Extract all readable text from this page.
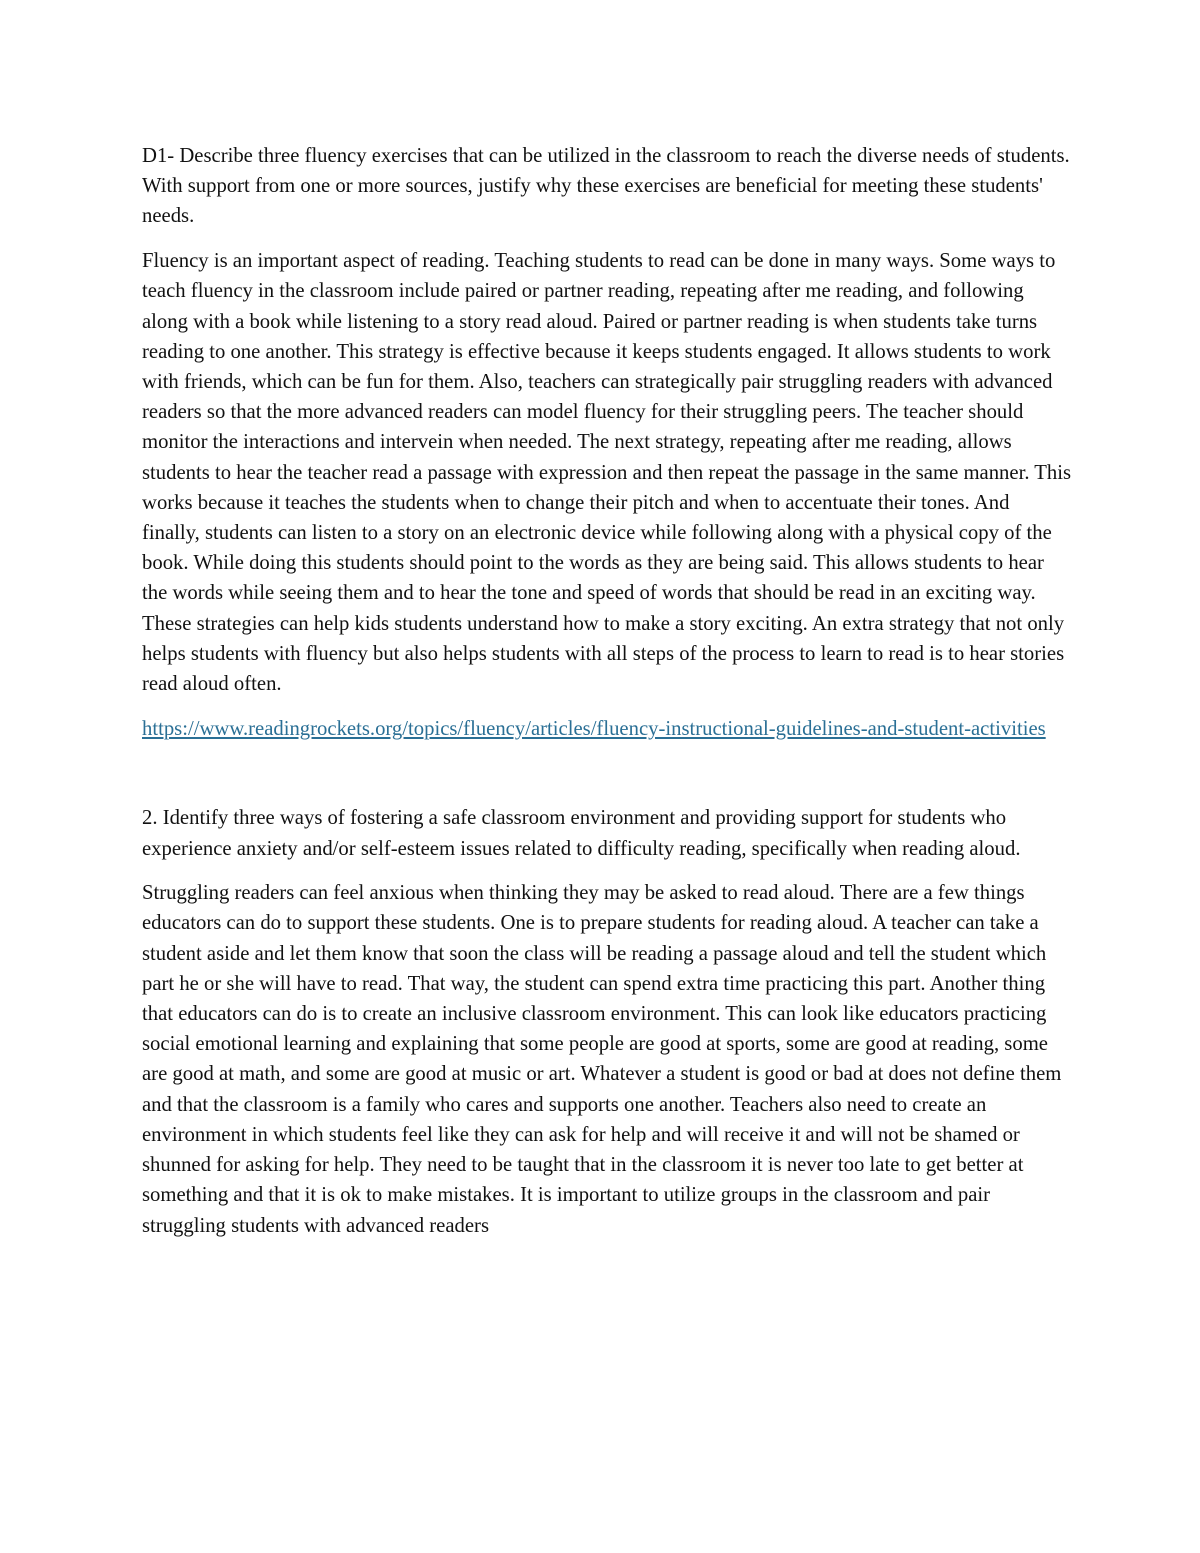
D1- Describe three fluency exercises that can be utilized in the classroom to reach the diverse needs of students. With support from one or more sources, justify why these exercises are beneficial for meeting these students' needs.

Fluency is an important aspect of reading. Teaching students to read can be done in many ways. Some ways to teach fluency in the classroom include paired or partner reading, repeating after me reading, and following along with a book while listening to a story read aloud. Paired or partner reading is when students take turns reading to one another. This strategy is effective because it keeps students engaged. It allows students to work with friends, which can be fun for them. Also, teachers can strategically pair struggling readers with advanced readers so that the more advanced readers can model fluency for their struggling peers. The teacher should monitor the interactions and intervein when needed. The next strategy, repeating after me reading, allows students to hear the teacher read a passage with expression and then repeat the passage in the same manner. This works because it teaches the students when to change their pitch and when to accentuate their tones. And finally, students can listen to a story on an electronic device while following along with a physical copy of the book. While doing this students should point to the words as they are being said. This allows students to hear the words while seeing them and to hear the tone and speed of words that should be read in an exciting way. These strategies can help kids students understand how to make a story exciting. An extra strategy that not only helps students with fluency but also helps students with all steps of the process to learn to read is to hear stories read aloud often.

https://www.readingrockets.org/topics/fluency/articles/fluency-instructional-guidelines-and-student-activities

2. Identify three ways of fostering a safe classroom environment and providing support for students who experience anxiety and/or self-esteem issues related to difficulty reading, specifically when reading aloud.

Struggling readers can feel anxious when thinking they may be asked to read aloud. There are a few things educators can do to support these students. One is to prepare students for reading aloud. A teacher can take a student aside and let them know that soon the class will be reading a passage aloud and tell the student which part he or she will have to read. That way, the student can spend extra time practicing this part. Another thing that educators can do is to create an inclusive classroom environment. This can look like educators practicing social emotional learning and explaining that some people are good at sports, some are good at reading, some are good at math, and some are good at music or art. Whatever a student is good or bad at does not define them and that the classroom is a family who cares and supports one another. Teachers also need to create an environment in which students feel like they can ask for help and will receive it and will not be shamed or shunned for asking for help. They need to be taught that in the classroom it is never too late to get better at something and that it is ok to make mistakes. It is important to utilize groups in the classroom and pair struggling students with advanced readers
